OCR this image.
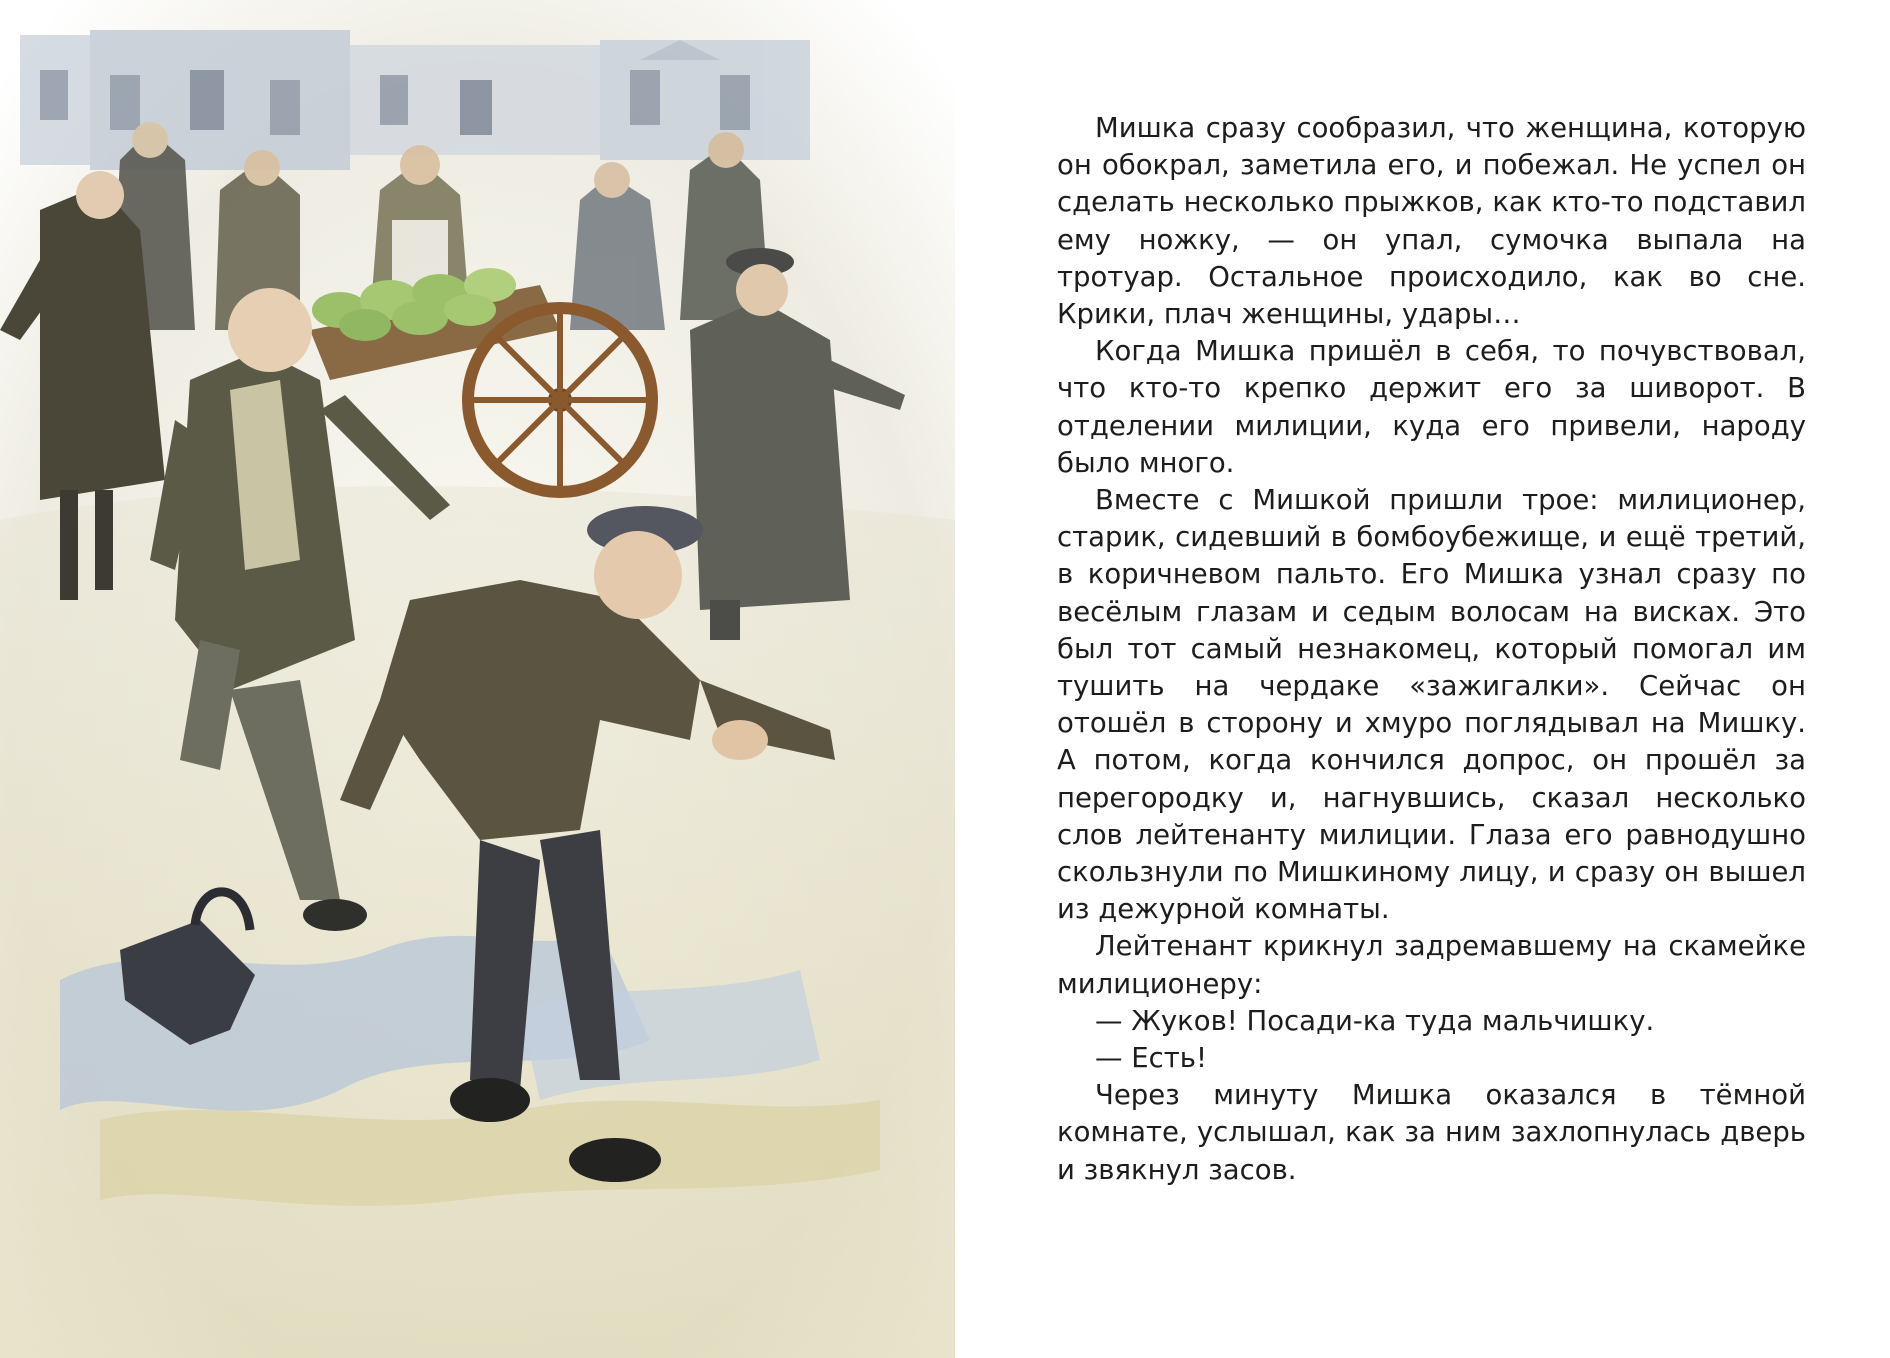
Мишка сразу сообразил, что женщина, которую он обокрал, заметила его, и побежал. Не успел он сделать несколько прыжков, как кто-то подставил ему ножку, — он упал, сумочка выпала на тротуар. Остальное происходило, как во сне. Крики, плач женщины, удары…

Когда Мишка пришёл в себя, то почувствовал, что кто-то крепко держит его за шиворот. В отделении милиции, куда его привели, народу было много.

Вместе с Мишкой пришли трое: милиционер, старик, сидевший в бомбоубежище, и ещё третий, в коричневом пальто. Его Мишка узнал сразу по весёлым глазам и седым волосам на висках. Это был тот самый незнакомец, который помогал им тушить на чердаке «зажигалки». Сейчас он отошёл в сторону и хмуро поглядывал на Мишку. А потом, когда кончился допрос, он прошёл за перегородку и, нагнувшись, сказал несколько слов лейтенанту милиции. Глаза его равнодушно скользнули по Мишкиному лицу, и сразу он вышел из дежурной комнаты.

Лейтенант крикнул задремавшему на скамейке милиционеру:

— Жуков! Посади-ка туда мальчишку.

— Есть!

Через минуту Мишка оказался в тёмной комнате, услышал, как за ним захлопнулась дверь и звякнул засов.
